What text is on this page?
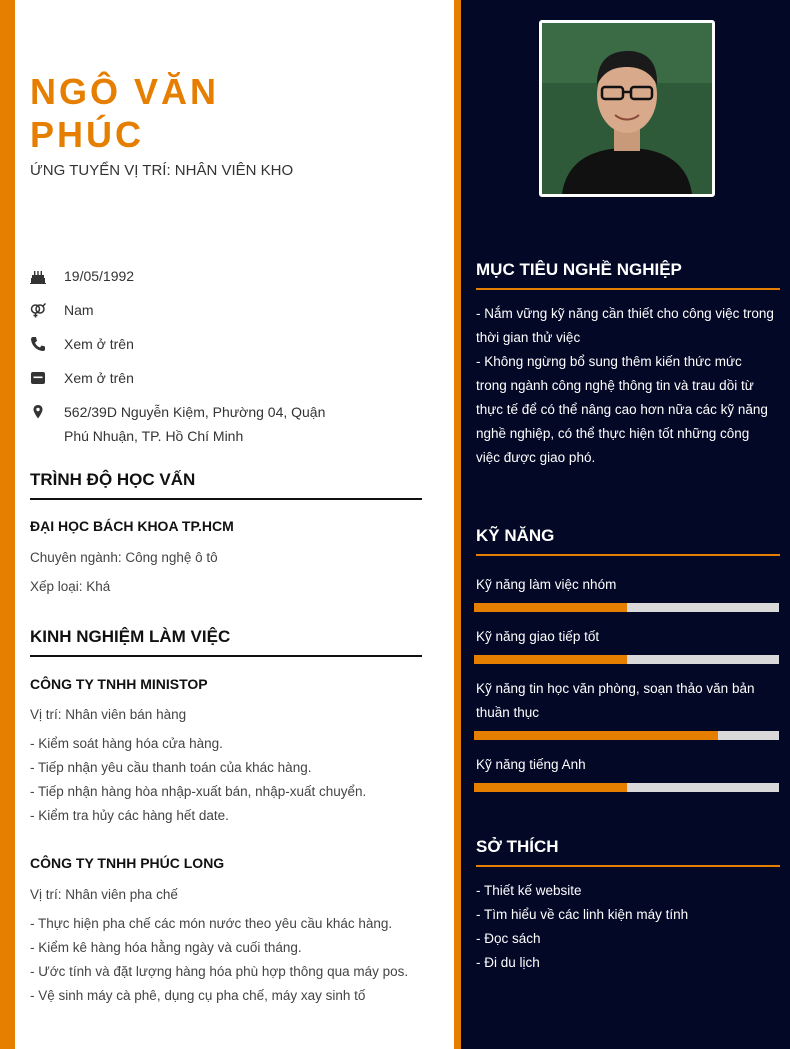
NGÔ VĂN PHÚC

ỨNG TUYỂN VỊ TRÍ: NHÂN VIÊN KHO

19/05/1992
Nam
Xem ở trên
Xem ở trên
562/39D Nguyễn Kiệm, Phường 04, Quận
Phú Nhuận, TP. Hồ Chí Minh
TRÌNH ĐỘ HỌC VẤN

ĐẠI HỌC BÁCH KHOA TP.HCM

Chuyên ngành: Công nghệ ô tô

Xếp loại: Khá

KINH NGHIỆM LÀM VIỆC

CÔNG TY TNHH MINISTOP

Vị trí: Nhân viên bán hàng

- Kiểm soát hàng hóa cửa hàng.
- Tiếp nhận yêu cầu thanh toán của khác hàng.
- Tiếp nhận hàng hòa nhập-xuất bán, nhập-xuất chuyển.
- Kiểm tra hủy các hàng hết date.

CÔNG TY TNHH PHÚC LONG

Vị trí: Nhân viên pha chế

- Thực hiện pha chế các món nước theo yêu cầu khác hàng.
- Kiểm kê hàng hóa hằng ngày và cuối tháng.
- Ước tính và đặt lượng hàng hóa phù hợp thông qua máy pos.
- Vệ sinh máy cà phê, dụng cụ pha chế, máy xay sinh tố
MỤC TIÊU NGHỀ NGHIỆP

- Nắm vững kỹ năng cần thiết cho công việc trong thời gian thử việc

- Không ngừng bổ sung thêm kiến thức mức trong ngành công nghệ thông tin và trau dồi từ thực tế để có thể nâng cao hơn nữa các kỹ năng nghề nghiệp, có thể thực hiện tốt những công việc được giao phó.

KỸ NĂNG

Kỹ năng làm việc nhóm

Kỹ năng giao tiếp tốt

Kỹ năng tin học văn phòng, soạn thảo văn bản thuần thục

Kỹ năng tiếng Anh

SỞ THÍCH
- Thiết kế website
- Tìm hiểu về các linh kiện máy tính
- Đọc sách
- Đi du lịch
